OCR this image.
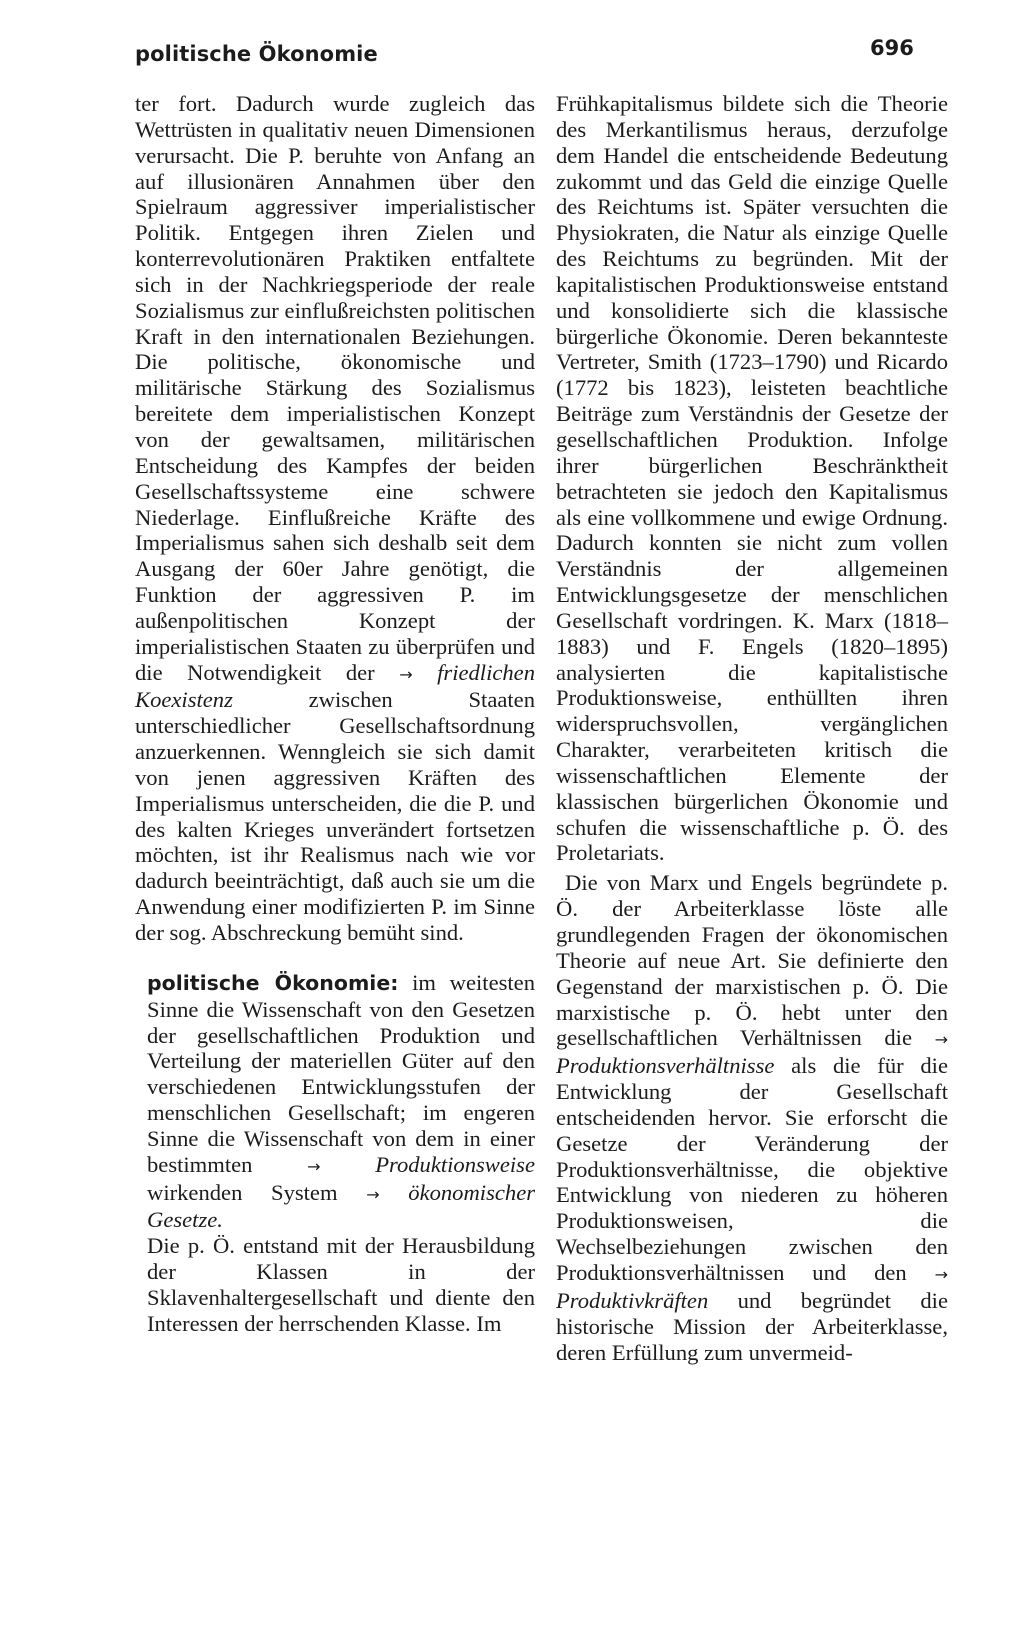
politische Ökonomie	696

ter fort. Dadurch wurde zugleich das Wettrüsten in qualitativ neuen Dimensionen verursacht. Die P. beruhte von Anfang an auf illusionären Annahmen über den Spielraum aggressiver imperialistischer Politik. Entgegen ihren Zielen und konterrevolutionären Praktiken entfaltete sich in der Nachkriegsperiode der reale Sozialismus zur einflußreichsten politischen Kraft in den internationalen Beziehungen. Die politische, ökonomische und militärische Stärkung des Sozialismus bereitete dem imperialistischen Konzept von der gewaltsamen, militärischen Entscheidung des Kampfes der beiden Gesellschaftssysteme eine schwere Niederlage. Einflußreiche Kräfte des Imperialismus sahen sich deshalb seit dem Ausgang der 60er Jahre genötigt, die Funktion der aggressiven P. im außenpolitischen Konzept der imperialistischen Staaten zu überprüfen und die Notwendigkeit der → friedlichen Koexistenz	zwischen Staaten unterschiedlicher Gesellschaftsordnung anzuerkennen. Wenngleich sie sich damit von jenen aggressiven Kräften des Imperialismus unterscheiden, die die P. und des kalten Krieges unverändert fortsetzen möchten, ist ihr Realismus nach wie vor dadurch beeinträchtigt, daß auch sie um die Anwendung einer modifizierten P. im Sinne der sog. Abschreckung bemüht sind.

politische Ökonomie: im weitesten Sinne die Wissenschaft von den Gesetzen der gesellschaftlichen Produktion und Verteilung der materiellen Güter auf den verschiedenen Entwicklungsstufen der menschlichen Gesellschaft; im engeren Sinne die Wissenschaft von dem in einer bestimmten	→ Produktionsweise wirkenden System → ökonomischer Gesetze.

Die p. Ö. entstand mit der Herausbildung der Klassen in der Sklavenhaltergesellschaft und diente den Interessen der herrschenden Klasse. Im

Frühkapitalismus bildete sich die Theorie des Merkantilismus heraus, derzufolge dem Handel die entscheidende Bedeutung zukommt und das Geld die einzige Quelle des Reichtums ist. Später versuchten die Physiokraten, die Natur als einzige Quelle des Reichtums zu begründen. Mit der kapitalistischen Produktionsweise entstand und konsolidierte sich die klassische bürgerliche Ökonomie. Deren bekannteste Vertreter, Smith (1723–1790) und Ricardo (1772 bis 1823), leisteten beachtliche Beiträge zum Verständnis der Gesetze der gesellschaftlichen Produktion. Infolge ihrer bürgerlichen Beschränktheit betrachteten sie jedoch den Kapitalismus als eine vollkommene und ewige Ordnung. Dadurch konnten sie nicht zum vollen Verständnis der allgemeinen Entwicklungsgesetze der menschlichen Gesellschaft vordringen. K. Marx (1818–1883) und F. Engels (1820–1895) analysierten die kapitalistische Produktionsweise, enthüllten ihren widerspruchsvollen, vergänglichen Charakter, verarbeiteten kritisch die wissenschaftlichen Elemente der klassischen bürgerlichen Ökonomie und schufen die wissenschaftliche p. Ö. des Proletariats.

Die von Marx und Engels begründete p. Ö. der Arbeiterklasse löste alle grundlegenden Fragen der ökonomischen Theorie auf neue Art. Sie definierte den Gegenstand der marxistischen p. Ö. Die marxistische p. Ö. hebt unter den gesellschaftlichen Verhältnissen die → Produktionsverhältnisse als die für die Entwicklung der Gesellschaft entscheidenden hervor. Sie erforscht die Gesetze der Veränderung der Produktionsverhältnisse, die objektive Entwicklung von niederen zu höheren Produktionsweisen, die Wechselbeziehungen zwischen den Produktionsverhältnissen und den → Produktivkräften und begründet die historische Mission der Arbeiterklasse, deren Erfüllung zum unvermeid-
